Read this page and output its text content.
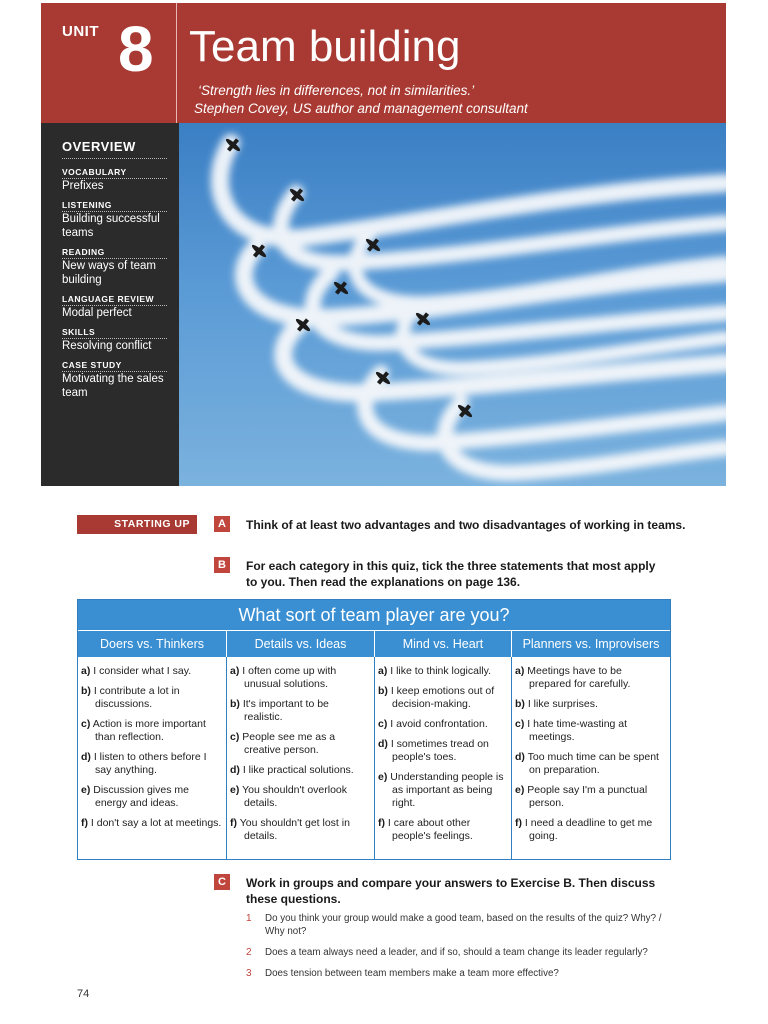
UNIT 8 Team building
‘Strength lies in differences, not in similarities.’
Stephen Covey, US author and management consultant
OVERVIEW
VOCABULARY
Prefixes
LISTENING
Building successful teams
READING
New ways of team building
LANGUAGE REVIEW
Modal perfect
SKILLS
Resolving conflict
CASE STUDY
Motivating the sales team
STARTING UP	A	Think of at least two advantages and two disadvantages of working in teams.
B	For each category in this quiz, tick the three statements that most apply to you. Then read the explanations on page 136.
What sort of team player are you?
Doers vs. Thinkers	Details vs. Ideas	Mind vs. Heart	Planners vs. Improvisers
a) I consider what I say.
b) I contribute a lot in discussions.
c) Action is more important than reflection.
d) I listen to others before I say anything.
e) Discussion gives me energy and ideas.
f) I don't say a lot at meetings.
a) I often come up with unusual solutions.
b) It's important to be realistic.
c) People see me as a creative person.
d) I like practical solutions.
e) You shouldn't overlook details.
f) You shouldn't get lost in details.
a) I like to think logically.
b) I keep emotions out of decision-making.
c) I avoid confrontation.
d) I sometimes tread on people's toes.
e) Understanding people is as important as being right.
f) I care about other people's feelings.
a) Meetings have to be prepared for carefully.
b) I like surprises.
c) I hate time-wasting at meetings.
d) Too much time can be spent on preparation.
e) People say I'm a punctual person.
f) I need a deadline to get me going.
C	Work in groups and compare your answers to Exercise B. Then discuss these questions.
1 Do you think your group would make a good team, based on the results of the quiz? Why? / Why not?
2 Does a team always need a leader, and if so, should a team change its leader regularly?
3 Does tension between team members make a team more effective?
74
